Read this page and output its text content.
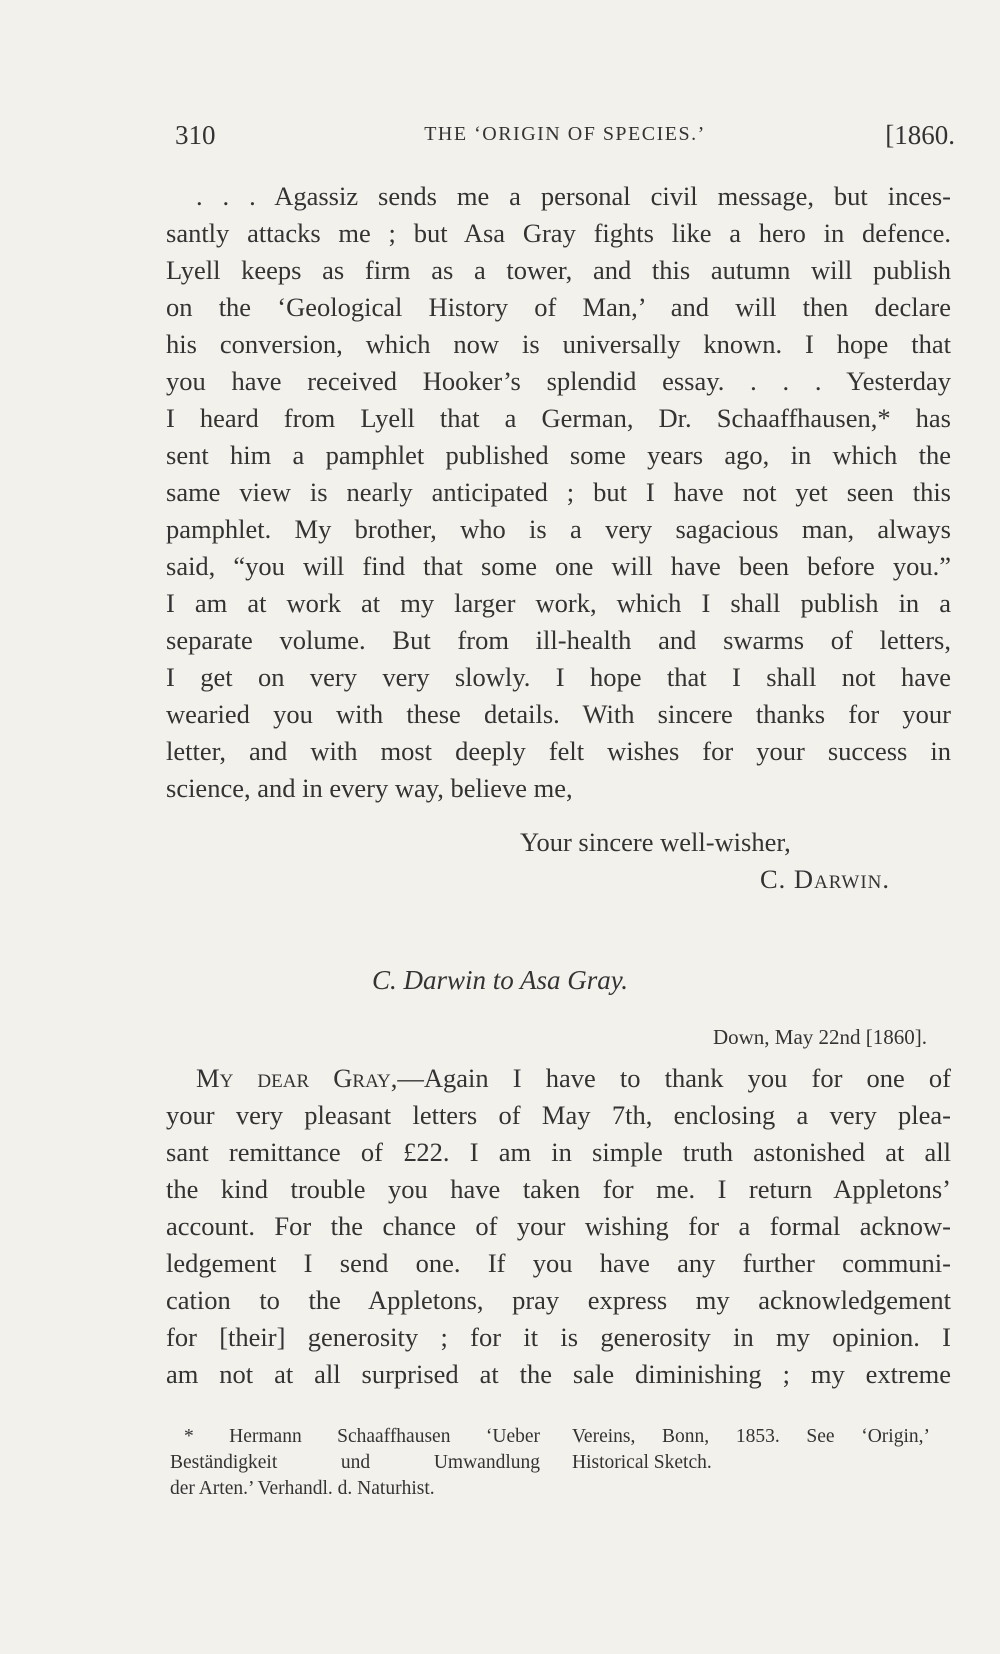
310	THE ‘ORIGIN OF SPECIES.’	[1860.
. . . Agassiz sends me a personal civil message, but inces-
santly attacks me ; but Asa Gray fights like a hero in defence.
Lyell keeps as firm as a tower, and this autumn will publish
on the ‘Geological History of Man,’ and will then declare
his conversion, which now is universally known. I hope that
you have received Hooker’s splendid essay. . . . Yesterday
I heard from Lyell that a German, Dr. Schaaffhausen,* has
sent him a pamphlet published some years ago, in which the
same view is nearly anticipated ; but I have not yet seen this
pamphlet. My brother, who is a very sagacious man, always
said, “you will find that some one will have been before you.”
I am at work at my larger work, which I shall publish in a
separate volume. But from ill-health and swarms of letters,
I get on very very slowly. I hope that I shall not have
wearied you with these details. With sincere thanks for your
letter, and with most deeply felt wishes for your success in
science, and in every way, believe me,
Your sincere well-wisher,
C. Darwin.
C. Darwin to Asa Gray.
Down, May 22nd [1860].
My dear Gray,—Again I have to thank you for one of
your very pleasant letters of May 7th, enclosing a very plea-
sant remittance of £22. I am in simple truth astonished at all
the kind trouble you have taken for me. I return Appletons’
account. For the chance of your wishing for a formal acknow-
ledgement I send one. If you have any further communi-
cation to the Appletons, pray express my acknowledgement
for [their] generosity ; for it is generosity in my opinion. I
am not at all surprised at the sale diminishing ; my extreme
* Hermann Schaaffhausen ‘Ueber
Beständigkeit und Umwandlung
der Arten.’ Verhandl. d. Naturhist.
Vereins, Bonn, 1853. See ‘Origin,’
Historical Sketch.
